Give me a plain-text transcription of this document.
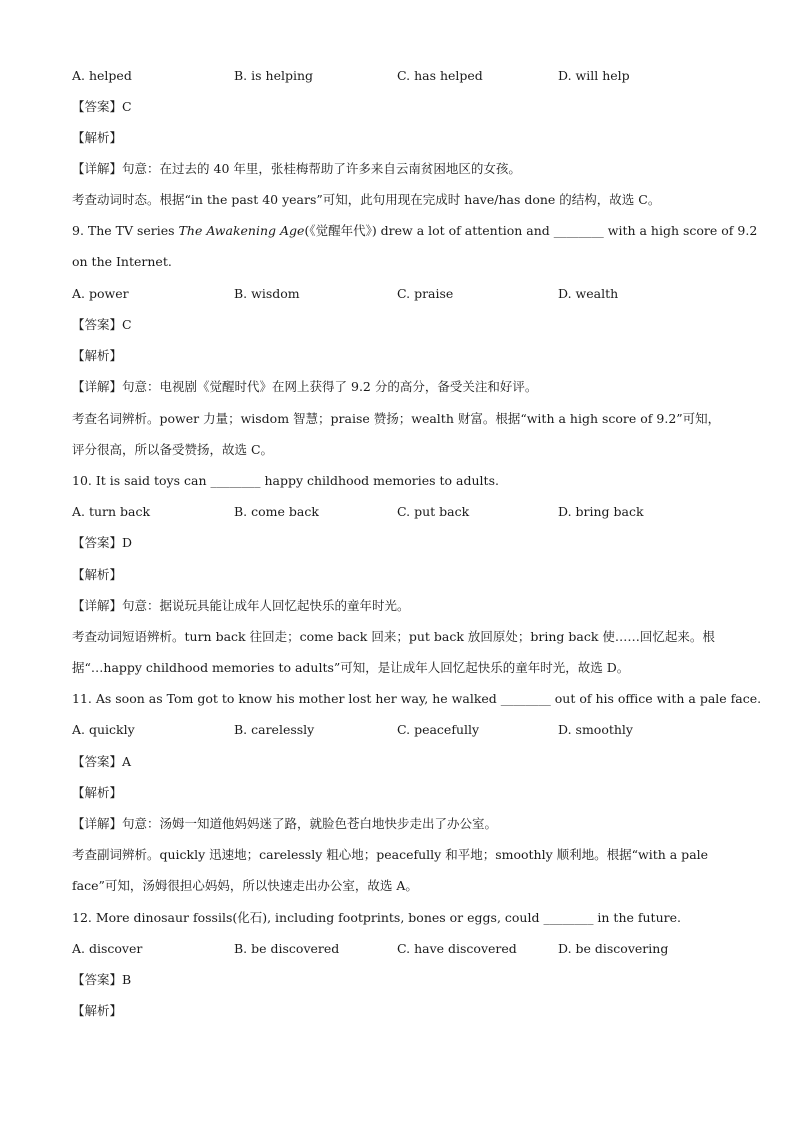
A. helped	B. is helping	C. has helped	D. will help
【答案】C
【解析】
【详解】句意：在过去的 40 年里，张桂梅帮助了许多来自云南贫困地区的女孩。
考查动词时态。根据“in the past 40 years”可知，此句用现在完成时 have/has done 的结构，故选 C。
9. The TV series The Awakening Age(《觉醒年代》) drew a lot of attention and ________ with a high score of 9.2
on the Internet.
A. power	B. wisdom	C. praise	D. wealth
【答案】C
【解析】
【详解】句意：电视剧《觉醒时代》在网上获得了 9.2 分的高分，备受关注和好评。
考查名词辨析。power 力量；wisdom 智慧；praise 赞扬；wealth 财富。根据“with a high score of 9.2”可知，
评分很高，所以备受赞扬，故选 C。
10. It is said toys can ________ happy childhood memories to adults.
A. turn back	B. come back	C. put back	D. bring back
【答案】D
【解析】
【详解】句意：据说玩具能让成年人回忆起快乐的童年时光。
考查动词短语辨析。turn back 往回走；come back 回来；put back 放回原处；bring back 使……回忆起来。根
据“…happy childhood memories to adults”可知，是让成年人回忆起快乐的童年时光，故选 D。
11. As soon as Tom got to know his mother lost her way, he walked ________ out of his office with a pale face.
A. quickly	B. carelessly	C. peacefully	D. smoothly
【答案】A
【解析】
【详解】句意：汤姆一知道他妈妈迷了路，就脸色苍白地快步走出了办公室。
考查副词辨析。quickly 迅速地；carelessly 粗心地；peacefully 和平地；smoothly 顺利地。根据“with a pale
face”可知，汤姆很担心妈妈，所以快速走出办公室，故选 A。
12. More dinosaur fossils(化石), including footprints, bones or eggs, could ________ in the future.
A. discover	B. be discovered	C. have discovered	D. be discovering
【答案】B
【解析】
